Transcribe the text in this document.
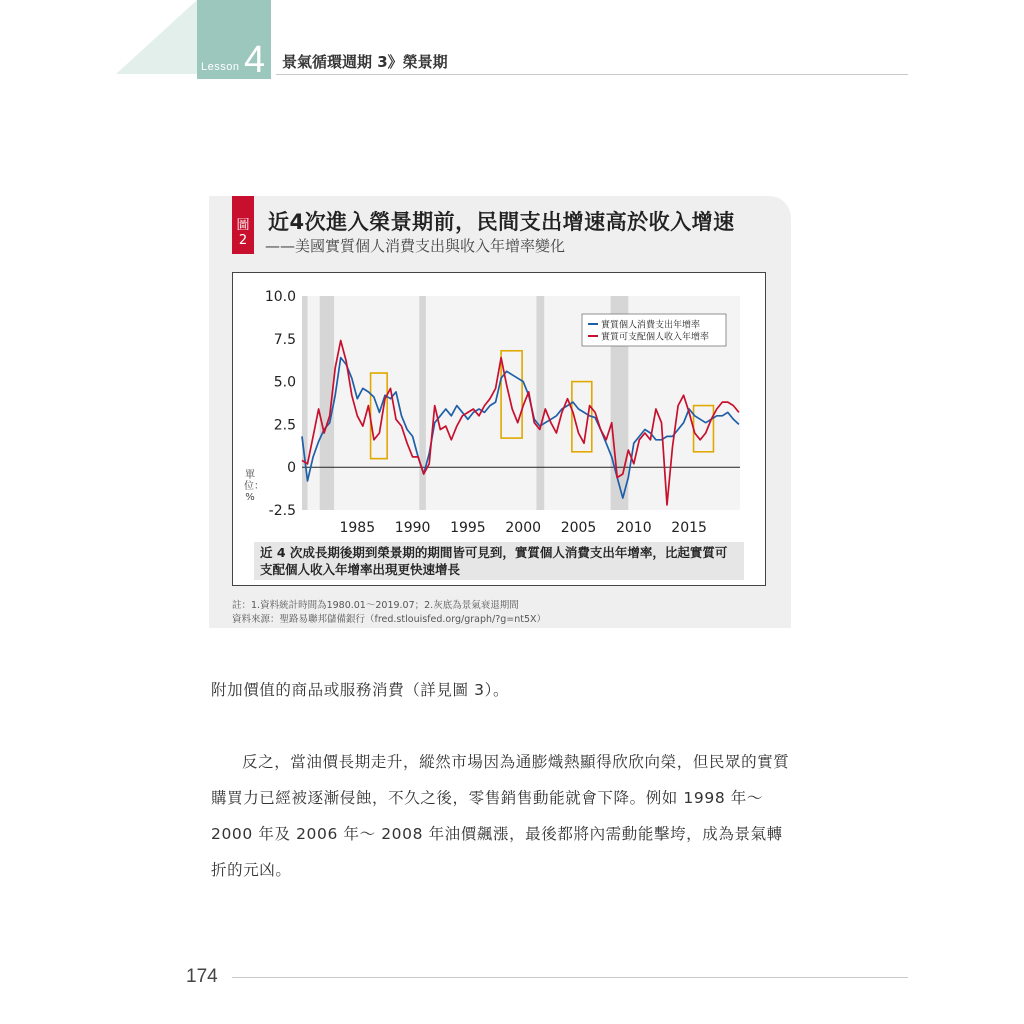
Lesson 4 景氣循環週期 3》榮景期
圖
2
近4次進入榮景期前，民間支出增速高於收入增速
——美國實質個人消費支出與收入年增率變化
10.0
7.5
5.0
2.5
0
-2.5
1985 1990 1995 2000 2005 2010 2015
實質個人消費支出年增率
實質可支配個人收入年增率
單位：%
近 4 次成長期後期到榮景期的期間皆可見到，實質個人消費支出年增率，比起實質可支配個人收入年增率出現更快速增長
註：1.資料統計時間為1980.01～2019.07；2.灰底為景氣衰退期間
資料來源：聖路易聯邦儲備銀行（fred.stlouisfed.org/graph/?g=nt5X）
附加價值的商品或服務消費（詳見圖 3）。
反之，當油價長期走升，縱然市場因為通膨熾熱顯得欣欣向榮，但民眾的實質購買力已經被逐漸侵蝕，不久之後，零售銷售動能就會下降。例如 1998 年～2000 年及 2006 年～ 2008 年油價飆漲，最後都將內需動能擊垮，成為景氣轉折的元凶。
174
